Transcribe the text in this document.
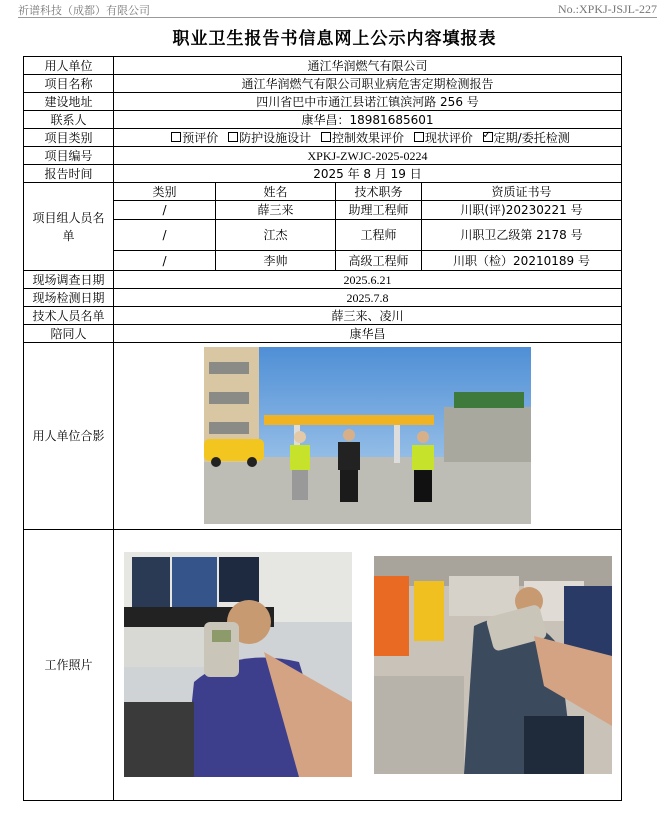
祈谱科技（成都）有限公司	No.:XPKJ-JSJL-227
职业卫生报告书信息网上公示内容填报表
用人单位	通江华润燃气有限公司			
项目名称	通江华润燃气有限公司职业病危害定期检测报告			
建设地址	四川省巴中市通江县诺江镇滨河路 256 号			
联系人	康华昌：18981685601			
项目类别	预评价 防护设施设计 控制效果评价 现状评价 ✓ 定期/委托检测
项目编号	XPKJ-ZWJC-2025-0224			
报告时间	2025 年 8 月 19 日			
项目组人员名单	类别	姓名	技术职务	资质证书号
	/	薛三来	助理工程师	川职(评)20230221 号
	/	江杰	工程师	川职卫乙级第 2178 号
	/	李帅	高级工程师	川职（检）20210189 号
现场调查日期	2025.6.21			
现场检测日期	2025.7.8			
技术人员名单	薛三来、凌川			
陪同人	康华昌			
用人单位合影	

工作照片	
